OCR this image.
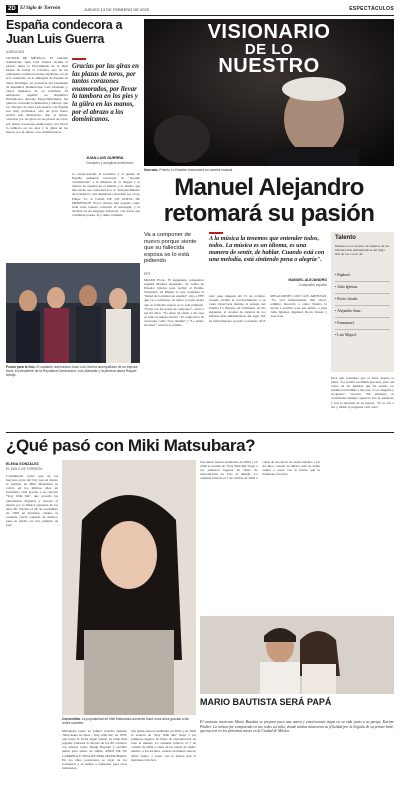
2D El Siglo de Torreón	JUEVES 13 DE FEBRERO DE 2025	ESPECTÁCULOS
España condecora a Juan Luis Guerra
AGENCIAS
CIUDAD DE MÉXICO.- El cantante dominicano Juan Luis Guerra recibió el pasado lunes la Encomienda de la Real Orden de Isabel la Católica, una de las principales condecoraciones españolas, en un acto celebrado en la embajada de España en Santo Domingo, en presencia del presidente de República Dominicana, Luis Abinader, y varios ministros de su Gabinete. El embajador español en República Dominicana, Antonio Pérez-Hernández, fue quien le concedió la distinción y subrayó que los vínculos de Juan Luis Guerra con España son muy profundos. «Es un gran honor recibir esta distinción», dijo el artista. «Gracias por las giras en las plazas de toros, por tantos corazones enamorados, por llevar la tambora en los pies y la güira en las manos, por el abrazo a los dominicanos».
Gracias por las giras en las plazas de toros, por tantos corazones enamorados, por llevar la tambora en los pies y la güira en las manos, por el abrazo a los dominicanos.
JUAN LUIS GUERRA
Cantautor y arreglista dominicano
la condecoración, el Gobierno y el pueblo de España quisieron reconocer su "enorme contribución" a la difusión de la lengua y la cultura en español en el mundo y lo mucho que han hecho sus canciones por el "enriquecimiento de la música", una distinción concedida por el rey Felipe VI. A CASO DE UN POETA DE MERENGUE: Pocos artistas han logrado como Juan Luis Guerra convertir el merengue y la bachata en un lenguaje universal, con letras que combinan poesía, fe y ritmo caribeño.
Posan para la foto. El cantante dominicano Juan Luis Guerra acompañado de su esposa Nora, el presidente de la República Dominicana, Luis Abinader y la primera dama Raquel Arbaje.
VISIONARIO
DE LO
NUESTRO
Honrado. Premio Lo Nuestro reconocerá su carrera musical.
Manuel Alejandro
retomará su pasión
Va a componer de nuevo porque siente que su fallecida esposa se lo está pidiendo
EFE
MIAMI, EUA.- El legendario compositor español Manuel Alejandro, de vuelta en Estados Unidos para recibir el Premio Visionario en Miami, lo que considera la "mitad de la música en español", dijo a EFE que va a componer de nuevo porque siente que su fallecida esposa se lo está pidiendo. "Estoy con las ganas de componer", contó a sus 92 años. "Yo antes de entrar a mi casa ya tenía la música hecha". El compositor de canciones como "Soy rebelde" y "Lo siento mi amor" volverá al estudio.
A la música la tenemos que entender todos, todos. La música es un idioma, es una manera de sentir, de hablar. Cuando está con una melodía, está sintiendo pena o alegría".
MANUEL ALEJANDRO
Compositor español
tuvo pese después del 15 de octubre, cuando recibió el reconocimiento a su vasta trayectoria durante la entrega del Premio Lo Nuestro de Univisión. Al día siguiente, el creador de algunos de los baladas más emblemáticas del siglo XX en habla hispana recordó a su musa. SUS RELACIONES CON LOS ARTISTAS: "Yo viví intensamente mis años", admitió. Recordó a cómo Sinatra lo invitó a escribir para sus temas, o para Julio Iglesias, Raphael, Rocío Jurado y José José.
Talento
Manuel es el creador de algunas de las baladas más emblemáticas del siglo XX en los voces de:
• Raphael.
• Julio Iglesias.
• Rocío Jurado.
• Alejandro Sanz.
• Emmanuel.
• Luis Miguel.
hace que considere que el amor inspira la pieza. "Le escribí un álbum precioso, pero así como de las muletas que he tenido. Le pusimos incredible a mi casa, a Los Ángeles y Acapulco", recordó. Sin embargo, la creatividad siempre aparecía tras la ausencia, y tras la decisión de su esposa. "Yo te veo a mí, y llamé, le pregunté a mi casa".
¿Qué pasó con Miki Matsubara?
ELENA GONZÁLEZ
EL SIGLO DE TORREÓN
Considerada como una de las mayores joyas del City pop en Japón, el nombre de Miki Matsubara se volvió en los últimos años un fenómeno viral gracias a su canción "Stay With Me", que recorrió las plataformas digitales y reavivó el interés por la música japonesa de los años 80. Nacida el 28 de noviembre de 1959 en Kadoma, Osaka, la cantante creció rodeada de música, pues su madre era una pianista de jazz.
Consentida. La popularidad de Miki Matsubara aumentó hace unos años gracias a las redes sociales.
Matsubara lanzó su primer sencillo titulado "Mayonaka no Door / Stay with me" en 1979, que hasta la fecha sigue siendo su tema más popular. Durante la década de los 80 colaboró con artistas como Tetsuji Hayashi y escribió temas para series de anime. AÑOS DE SU CARRERA Y VIDA DE MIKI MATSUBARA: En los años posteriores se alejó de los escenarios y se dedicó a componer para otros intérpretes.
Sus temas fueron reeditados en 2004 y en 2020 la versión de "Stay With Me" llegó a los primeros lugares de listas de reproducción en todo el mundo. La cantante falleció el 7 de octubre de 2004 a causa de un cáncer de cuello uterino, a los 44 años, cuando su música aún no había vuelto a sonar con la fuerza que la mantiene viva hoy.
Sus temas fueron reeditados en 2004 y en 2020 la versión de "Stay With Me" llegó a los primeros lugares de listas de reproducción en todo el mundo. La cantante falleció el 7 de octubre de 2004 a causa de un cáncer de cuello uterino, a los 44 años, cuando su música aún no había vuelto a sonar con la fuerza que la mantiene viva hoy.
MARIO BAUTISTA SERÁ PAPÁ
El cantante mexicano Mario Bautista se prepara para una nueva y emocionante etapa en su vida junto a su pareja, Karime Pindter. La noticia fue compartida en sus redes sociales, donde ambos mostraron su felicidad por la llegada de su primer bebé, que nacerá en los próximos meses en la Ciudad de México.
